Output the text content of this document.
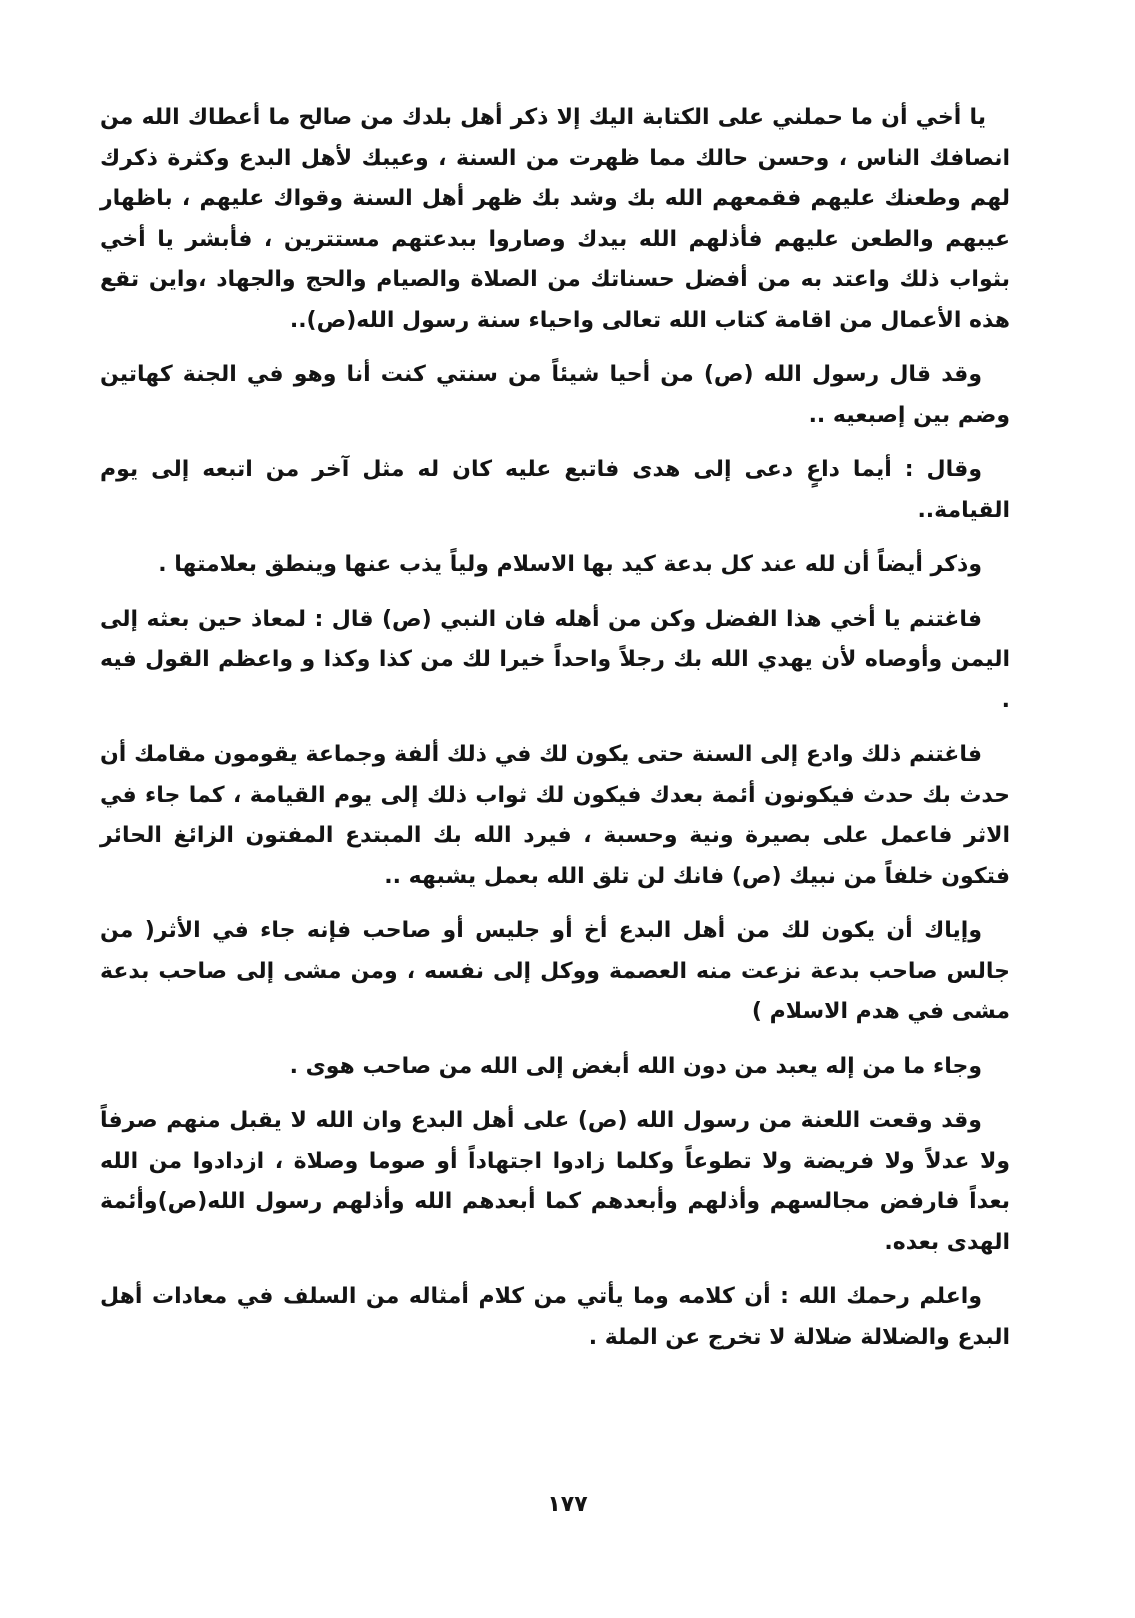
يا أخي أن ما حملني على الكتابة اليك إلا ذكر أهل بلدك من صالح ما أعطاك الله من انصافك الناس ، وحسن حالك مما ظهرت من السنة ، وعيبك لأهل البدع وكثرة ذكرك لهم وطعنك عليهم فقمعهم الله بك وشد بك ظهر أهل السنة وقواك عليهم ، باظهار عيبهم والطعن عليهم فأذلهم الله بيدك وصاروا ببدعتهم مستترين ، فأبشر يا أخي بثواب ذلك واعتد به من أفضل حسناتك من الصلاة والصيام والحج والجهاد ،واين تقع هذه الأعمال من اقامة كتاب الله تعالى واحياء سنة رسول الله(ص)..

وقد قال رسول الله (ص) من أحيا شيئاً من سنتي كنت أنا وهو في الجنة كهاتين وضم بين إصبعيه ..

وقال : أيما داعٍ دعى إلى هدى فاتبع عليه كان له مثل آخر من اتبعه إلى يوم القيامة..

وذكر أيضاً أن لله عند كل بدعة كيد بها الاسلام ولياً يذب عنها وينطق بعلامتها .

فاغتنم يا أخي هذا الفضل وكن من أهله فان النبي (ص) قال : لمعاذ حين بعثه إلى اليمن وأوصاه لأن يهدي الله بك رجلاً واحداً خيرا لك من كذا وكذا و واعظم القول فيه .

فاغتنم ذلك وادع إلى السنة حتى يكون لك في ذلك ألفة وجماعة يقومون مقامك أن حدث بك حدث فيكونون أئمة بعدك فيكون لك ثواب ذلك إلى يوم القيامة ، كما جاء في الاثر فاعمل على بصيرة ونية وحسبة ، فيرد الله بك المبتدع المفتون الزائغ الحائر فتكون خلفاً من نبيك (ص) فانك لن تلق الله بعمل يشبهه ..

وإياك أن يكون لك من أهل البدع أخ أو جليس أو صاحب فإنه جاء في الأثر( من جالس صاحب بدعة نزعت منه العصمة ووكل إلى نفسه ، ومن مشى إلى صاحب بدعة مشى في هدم الاسلام )

وجاء ما من إله يعبد من دون الله أبغض إلى الله من صاحب هوى .

وقد وقعت اللعنة من رسول الله (ص) على أهل البدع وان الله لا يقبل منهم صرفاً ولا عدلاً ولا فريضة ولا تطوعاً وكلما زادوا اجتهاداً أو صوما وصلاة ، ازدادوا من الله بعداً فارفض مجالسهم وأذلهم وأبعدهم كما أبعدهم الله وأذلهم رسول الله(ص)وأئمة الهدى بعده.

واعلم رحمك الله : أن كلامه وما يأتي من كلام أمثاله من السلف في معادات أهل البدع والضلالة ضلالة لا تخرج عن الملة .

١٧٧
